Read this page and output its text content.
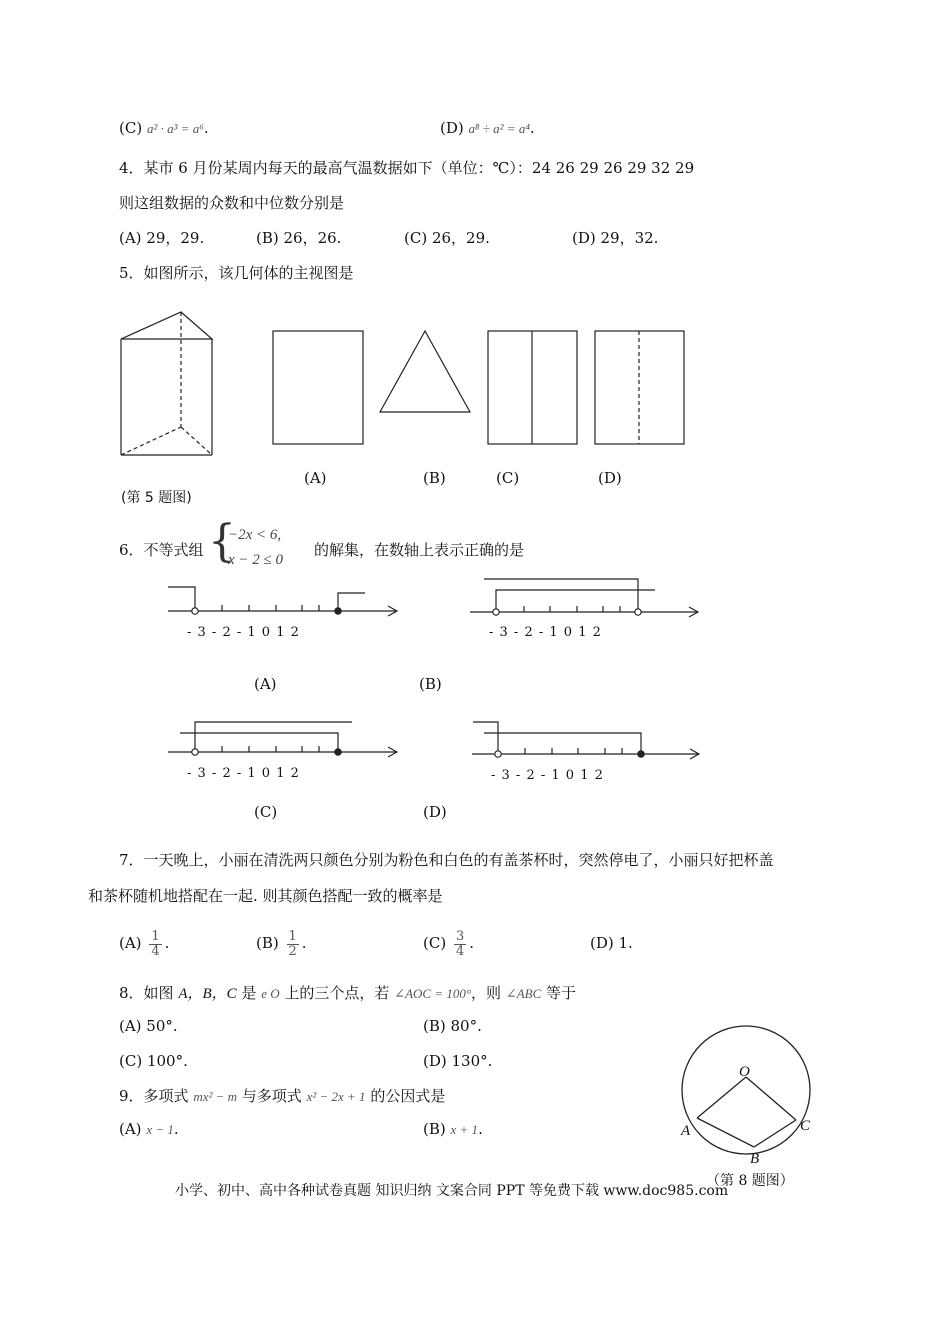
(C) a² · a³ = a⁶.	(D) a⁸ ÷ a² = a⁴.
4．某市 6 月份某周内每天的最高气温数据如下（单位：℃）：24 26 29 26 29 32 29
则这组数据的众数和中位数分别是
(A) 29，29.	(B) 26，26.	(C) 26，29.	(D) 29，32.
5．如图所示，该几何体的主视图是
(A)	(B)	(C)	(D)
(第 5 题图)
6．不等式组 {
−2x < 6,
x − 2 ≤ 0
的解集，在数轴上表示正确的是
- 3 - 2 - 1 0 1 2	- 3 - 2 - 1 0 1 2
- 3 - 2 - 1 0 1 2	- 3 - 2 - 1 0 1 2
(A)	(B)
(C)	(D)
7．一天晚上，小丽在清洗两只颜色分别为粉色和白色的有盖茶杯时，突然停电了，小丽只好把杯盖
和茶杯随机地搭配在一起. 则其颜色搭配一致的概率是
$(A) \frac{1}{4}$ .	$(B) \frac{1}{2}$ .	$(C) \frac{3}{4}$ .	(D) 1.
8．如图 A，B，C 是 e O 上的三个点，若 ∠AOC = 100°，则 ∠ABC 等于
(A) 50°.	(B) 80°.
(C) 100°.	(D) 130°.
O
A
B
C
（第 8 题图）
9．多项式 mx² − m 与多项式 x² − 2x + 1 的公因式是
(A) x − 1.	(B) x + 1.
小学、初中、高中各种试卷真题 知识归纳 文案合同 PPT 等免费下载 www.doc985.com
